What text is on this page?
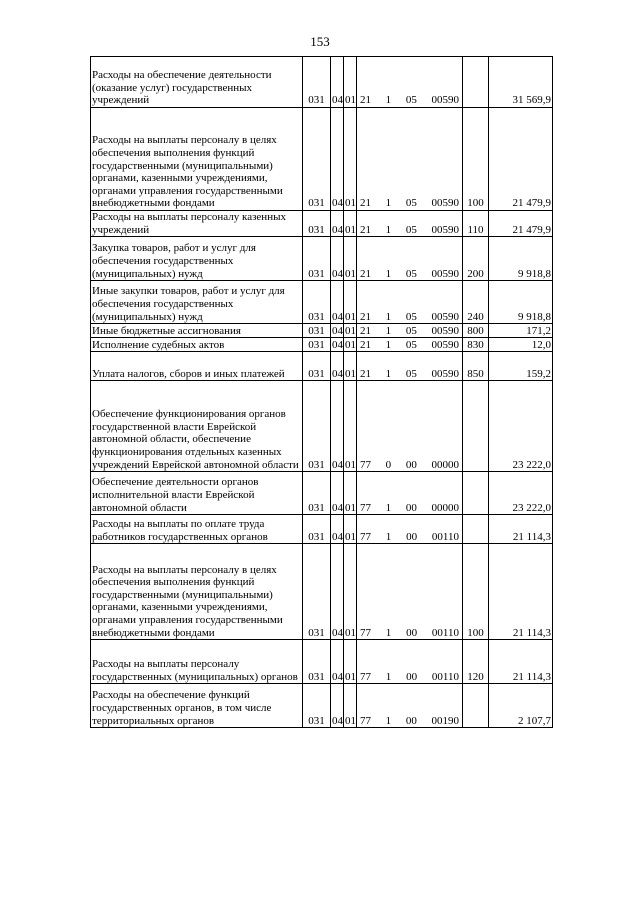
153
Расходы на обеспечение деятельности (оказание услуг) государственных учреждений	031	04	01	21 1 05 00590		31 569,9
Расходы на выплаты персоналу в целях обеспечения выполнения функций государственными (муниципальными) органами, казенными учреждениями, органами управления государственными внебюджетными фондами	031	04	01	21 1 05 00590	100	21 479,9
Расходы на выплаты персоналу казенных учреждений	031	04	01	21 1 05 00590	110	21 479,9
Закупка товаров, работ и услуг для обеспечения государственных (муниципальных) нужд	031	04	01	21 1 05 00590	200	9 918,8
Иные закупки товаров, работ и услуг для обеспечения государственных (муниципальных) нужд	031	04	01	21 1 05 00590	240	9 918,8
Иные бюджетные ассигнования	031	04	01	21 1 05 00590	800	171,2
Исполнение судебных актов	031	04	01	21 1 05 00590	830	12,0
Уплата налогов, сборов и иных платежей	031	04	01	21 1 05 00590	850	159,2
Обеспечение функционирования органов государственной власти Еврейской автономной области, обеспечение функционирования отдельных казенных учреждений Еврейской автономной области	031	04	01	77 0 00 00000		23 222,0
Обеспечение деятельности органов исполнительной власти Еврейской автономной области	031	04	01	77 1 00 00000		23 222,0
Расходы на выплаты по оплате труда работников государственных органов	031	04	01	77 1 00 00110		21 114,3
Расходы на выплаты персоналу в целях обеспечения выполнения функций государственными (муниципальными) органами, казенными учреждениями, органами управления государственными внебюджетными фондами	031	04	01	77 1 00 00110	100	21 114,3
Расходы на выплаты персоналу государственных (муниципальных) органов	031	04	01	77 1 00 00110	120	21 114,3
Расходы на обеспечение функций государственных органов, в том числе территориальных органов	031	04	01	77 1 00 00190		2 107,7
